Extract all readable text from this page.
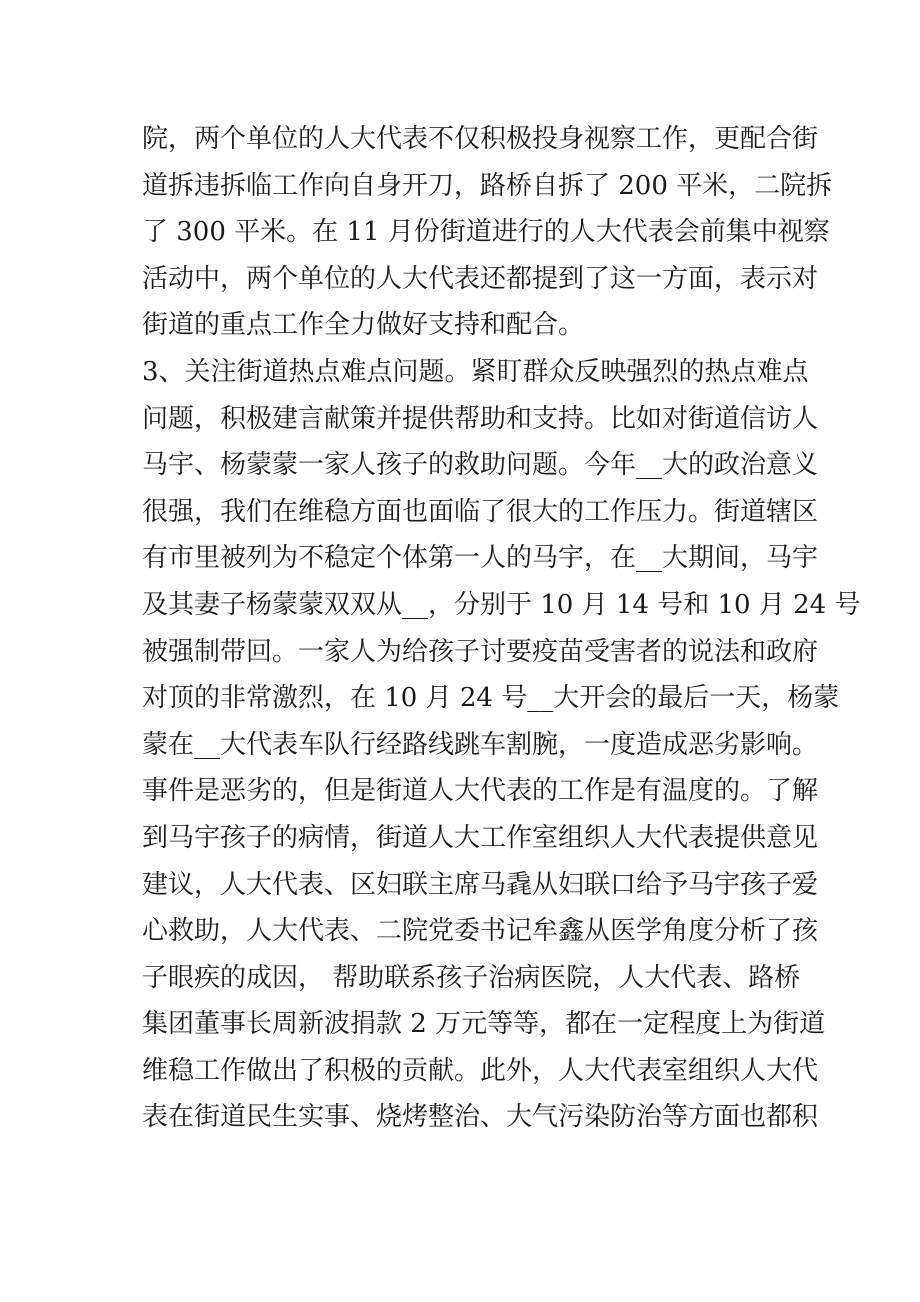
院，两个单位的人大代表不仅积极投身视察工作，更配合街
道拆违拆临工作向自身开刀，路桥自拆了 200 平米，二院拆
了 300 平米。在 11 月份街道进行的人大代表会前集中视察
活动中，两个单位的人大代表还都提到了这一方面，表示对
街道的重点工作全力做好支持和配合。
3、关注街道热点难点问题。紧盯群众反映强烈的热点难点
问题，积极建言献策并提供帮助和支持。比如对街道信访人
马宇、杨蒙蒙一家人孩子的救助问题。今年__大的政治意义
很强，我们在维稳方面也面临了很大的工作压力。街道辖区
有市里被列为不稳定个体第一人的马宇，在__大期间，马宇
及其妻子杨蒙蒙双双从__，分别于 10 月 14 号和 10 月 24 号
被强制带回。一家人为给孩子讨要疫苗受害者的说法和政府
对顶的非常激烈，在 10 月 24 号__大开会的最后一天，杨蒙
蒙在__大代表车队行经路线跳车割腕，一度造成恶劣影响。
事件是恶劣的，但是街道人大代表的工作是有温度的。了解
到马宇孩子的病情，街道人大工作室组织人大代表提供意见
建议，人大代表、区妇联主席马毳从妇联口给予马宇孩子爱
心救助，人大代表、二院党委书记牟鑫从医学角度分析了孩
子眼疾的成因， 帮助联系孩子治病医院，人大代表、路桥
集团董事长周新波捐款 2 万元等等，都在一定程度上为街道
维稳工作做出了积极的贡献。此外，人大代表室组织人大代
表在街道民生实事、烧烤整治、大气污染防治等方面也都积
